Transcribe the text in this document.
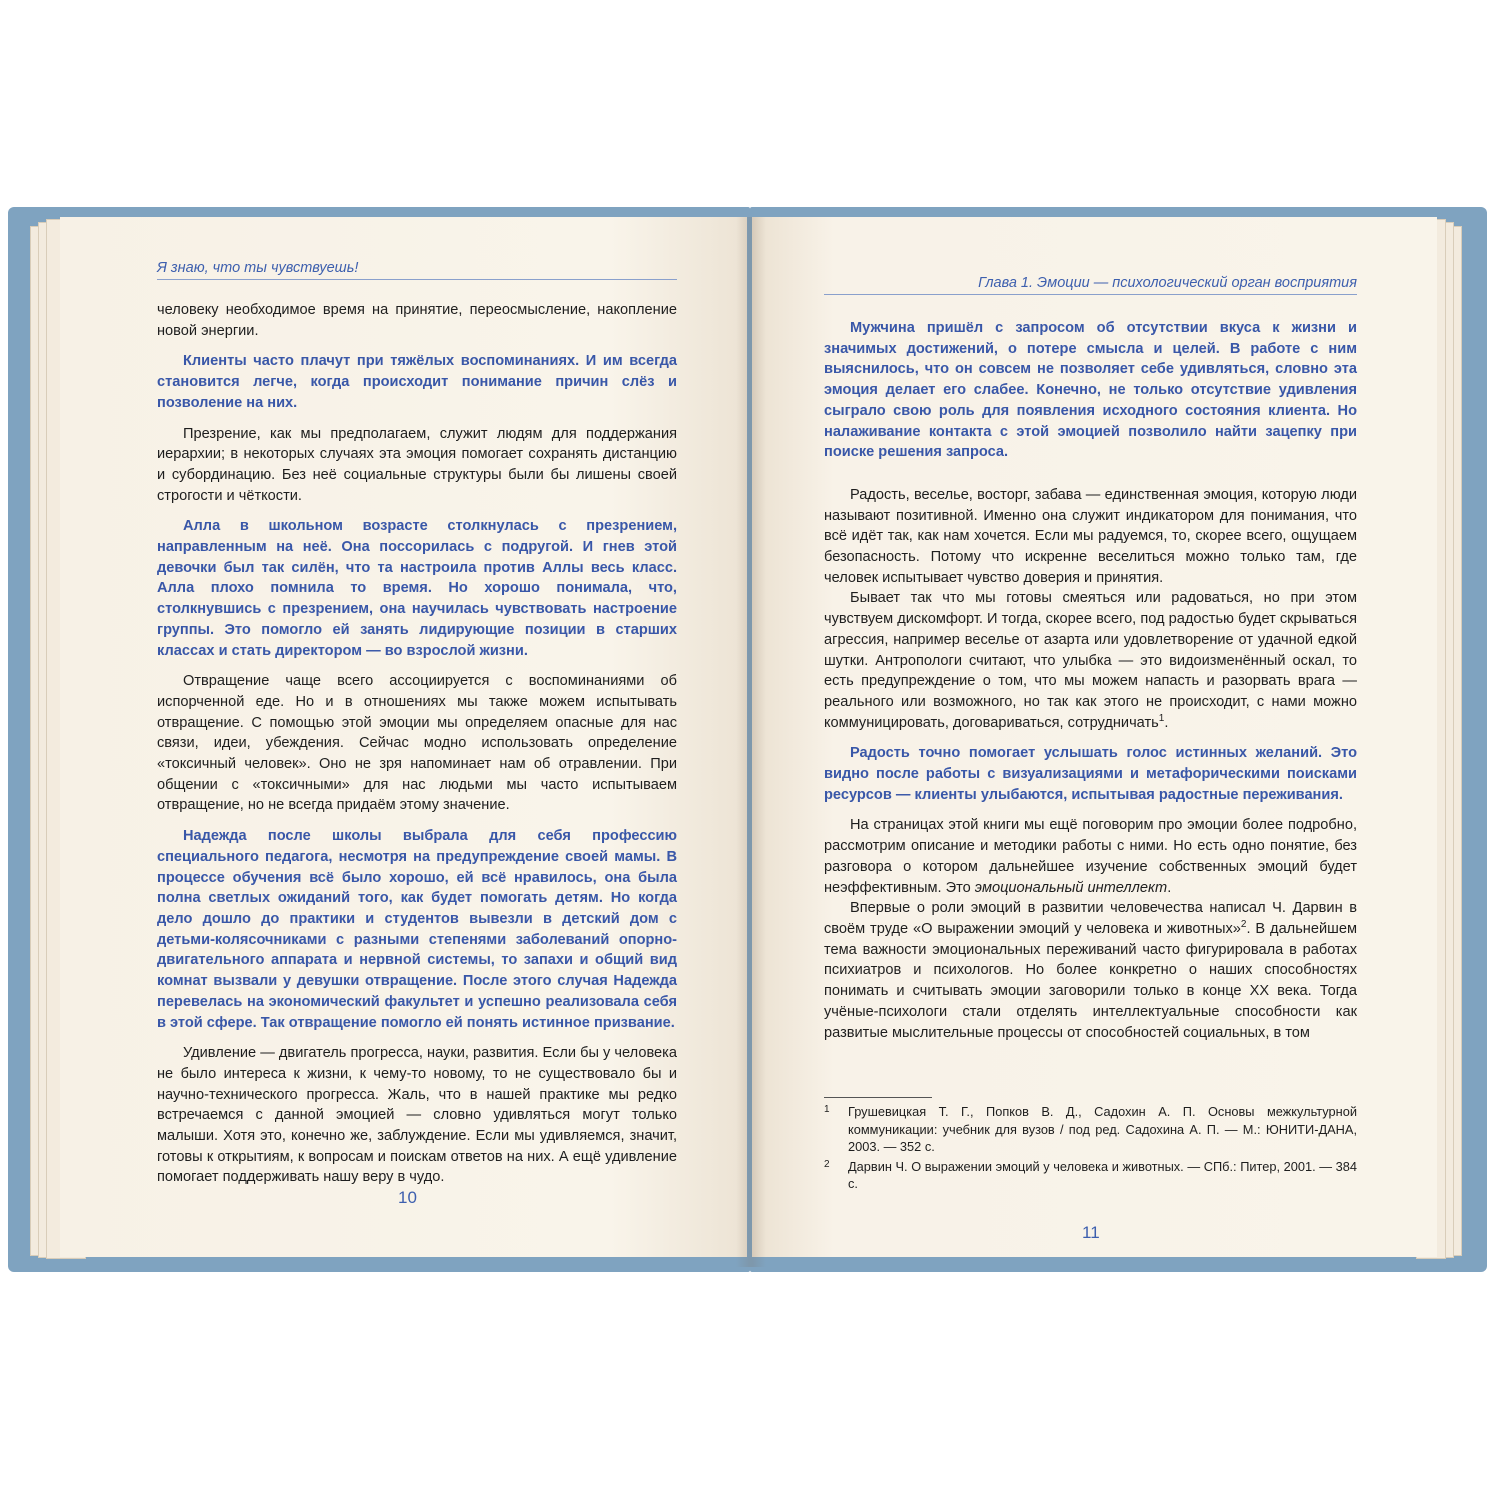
Я знаю, что ты чувствуешь!

человеку необходимое время на принятие, переосмысление, накопление новой энергии.

Клиенты часто плачут при тяжёлых воспоминаниях. И им всегда становится легче, когда происходит понимание причин слёз и позволение на них.

Презрение, как мы предполагаем, служит людям для поддержания иерархии; в некоторых случаях эта эмоция помогает сохранять дистанцию и субординацию. Без неё социальные структуры были бы лишены своей строгости и чёткости.

Алла в школьном возрасте столкнулась с презрением, направленным на неё. Она поссорилась с подругой. И гнев этой девочки был так силён, что та настроила против Аллы весь класс. Алла плохо помнила то время. Но хорошо понимала, что, столкнувшись с презрением, она научилась чувствовать настроение группы. Это помогло ей занять лидирующие позиции в старших классах и стать директором — во взрослой жизни.

Отвращение чаще всего ассоциируется с воспоминаниями об испорченной еде. Но и в отношениях мы также можем испытывать отвращение. С помощью этой эмоции мы определяем опасные для нас связи, идеи, убеждения. Сейчас модно использовать определение «токсичный человек». Оно не зря напоминает нам об отравлении. При общении с «токсичными» для нас людьми мы часто испытываем отвращение, но не всегда придаём этому значение.

Надежда после школы выбрала для себя профессию специального педагога, несмотря на предупреждение своей мамы. В процессе обучения всё было хорошо, ей всё нравилось, она была полна светлых ожиданий того, как будет помогать детям. Но когда дело дошло до практики и студентов вывезли в детский дом с детьми-колясочниками с разными степенями заболеваний опорно-двигательного аппарата и нервной системы, то запахи и общий вид комнат вызвали у девушки отвращение. После этого случая Надежда перевелась на экономический факультет и успешно реализовала себя в этой сфере. Так отвращение помогло ей понять истинное призвание.

Удивление — двигатель прогресса, науки, развития. Если бы у человека не было интереса к жизни, к чему-то новому, то не существовало бы и научно-технического прогресса. Жаль, что в нашей практике мы редко встречаемся с данной эмоцией — словно удивляться могут только малыши. Хотя это, конечно же, заблуждение. Если мы удивляемся, значит, готовы к открытиям, к вопросам и поискам ответов на них. А ещё удивление помогает поддерживать нашу веру в чудо.

10
Глава 1. Эмоции — психологический орган восприятия

Мужчина пришёл с запросом об отсутствии вкуса к жизни и значимых достижений, о потере смысла и целей. В работе с ним выяснилось, что он совсем не позволяет себе удивляться, словно эта эмоция делает его слабее. Конечно, не только отсутствие удивления сыграло свою роль для появления исходного состояния клиента. Но налаживание контакта с этой эмоцией позволило найти зацепку при поиске решения запроса.

Радость, веселье, восторг, забава — единственная эмоция, которую люди называют позитивной. Именно она служит индикатором для понимания, что всё идёт так, как нам хочется. Если мы радуемся, то, скорее всего, ощущаем безопасность. Потому что искренне веселиться можно только там, где человек испытывает чувство доверия и принятия.

Бывает так что мы готовы смеяться или радоваться, но при этом чувствуем дискомфорт. И тогда, скорее всего, под радостью будет скрываться агрессия, например веселье от азарта или удовлетворение от удачной едкой шутки. Антропологи считают, что улыбка — это видоизменённый оскал, то есть предупреждение о том, что мы можем напасть и разорвать врага — реального или возможного, но так как этого не происходит, с нами можно коммуницировать, договариваться, сотрудничать$^1$.

Радость точно помогает услышать голос истинных желаний. Это видно после работы с визуализациями и метафорическими поисками ресурсов — клиенты улыбаются, испытывая радостные переживания.

На страницах этой книги мы ещё поговорим про эмоции более подробно, рассмотрим описание и методики работы с ними. Но есть одно понятие, без разговора о котором дальнейшее изучение собственных эмоций будет неэффективным. Это эмоциональный интеллект.

Впервые о роли эмоций в развитии человечества написал Ч. Дарвин в своём труде «О выражении эмоций у человека и животных»$^2$. В дальнейшем тема важности эмоциональных переживаний часто фигурировала в работах психиатров и психологов. Но более конкретно о наших способностях понимать и считывать эмоции заговорили только в конце XX века. Тогда учёные-психологи стали отделять интеллектуальные способности как развитые мыслительные процессы от способностей социальных, в том

1 Грушевицкая Т. Г., Попков В. Д., Садохин А. П. Основы межкультурной коммуникации: учебник для вузов / под ред. Садохина А. П. — М.: ЮНИТИ-ДАНА, 2003. — 352 с.
2 Дарвин Ч. О выражении эмоций у человека и животных. — СПб.: Питер, 2001. — 384 с.
11
